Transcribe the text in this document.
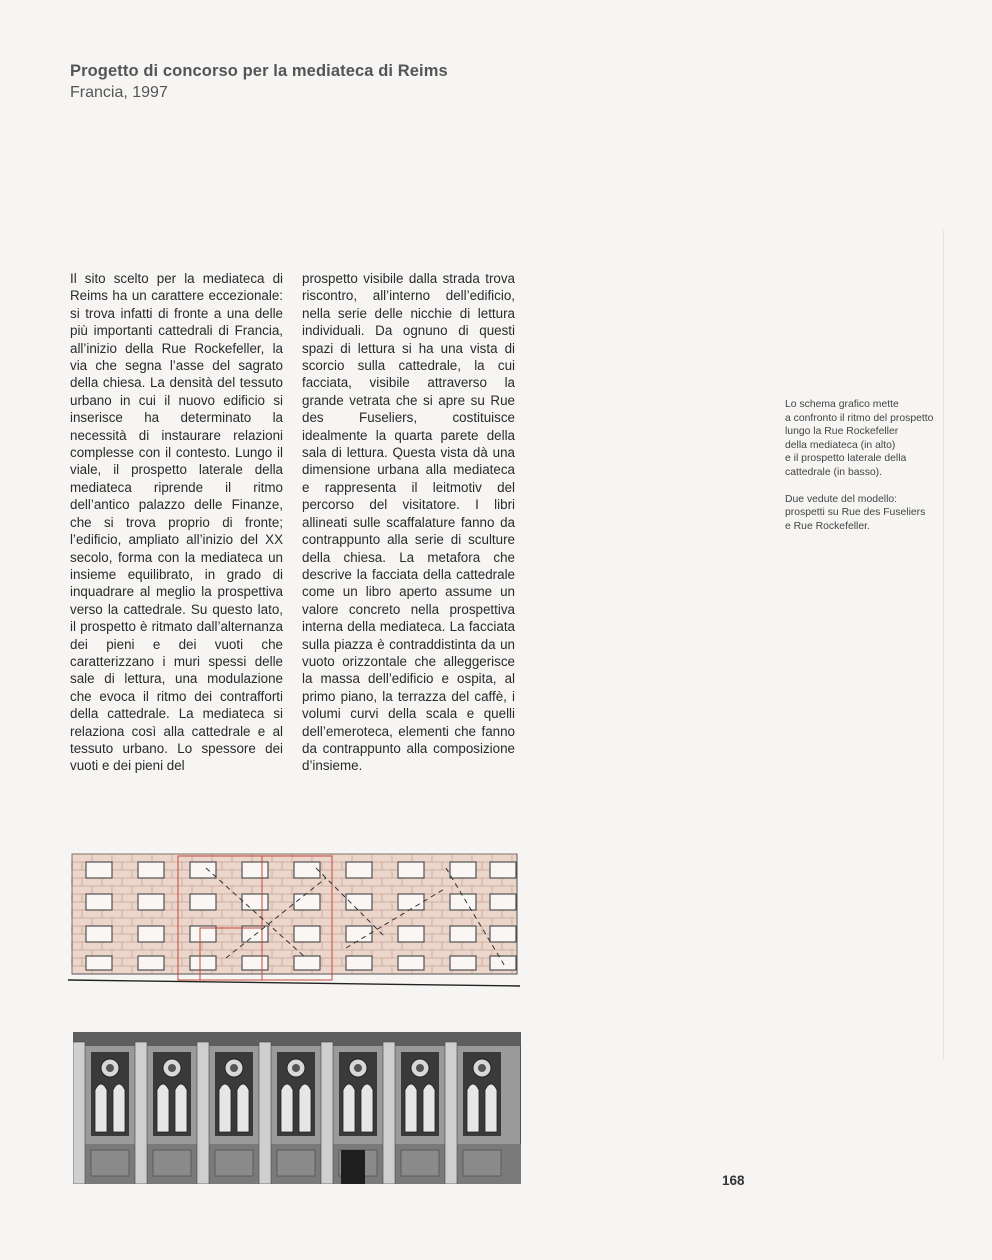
Progetto di concorso per la mediateca di Reims
Francia, 1997
Il sito scelto per la mediateca di Reims ha un carattere eccezionale: si trova infatti di fronte a una delle più importanti cattedrali di Francia, all’inizio della Rue Rockefeller, la via che segna l’asse del sagrato della chiesa. La densità del tessuto urbano in cui il nuovo edificio si inserisce ha determinato la necessità di instaurare relazioni complesse con il contesto. Lungo il viale, il prospetto laterale della mediateca riprende il ritmo dell’antico palazzo delle Finanze, che si trova proprio di fronte; l’edificio, ampliato all’inizio del XX secolo, forma con la mediateca un insieme equilibrato, in grado di inquadrare al meglio la prospettiva verso la cattedrale. Su questo lato, il prospetto è ritmato dall’alternanza dei pieni e dei vuoti che caratterizzano i muri spessi delle sale di lettura, una modulazione che evoca il ritmo dei contrafforti della cattedrale. La mediateca si relaziona così alla cattedrale e al tessuto urbano. Lo spessore dei vuoti e dei pieni del
prospetto visibile dalla strada trova riscontro, all’interno dell’edificio, nella serie delle nicchie di lettura individuali. Da ognuno di questi spazi di lettura si ha una vista di scorcio sulla cattedrale, la cui facciata, visibile attraverso la grande vetrata che si apre su Rue des Fuseliers, costituisce idealmente la quarta parete della sala di lettura. Questa vista dà una dimensione urbana alla mediateca e rappresenta il leitmotiv del percorso del visitatore. I libri allineati sulle scaffalature fanno da contrappunto alla serie di sculture della chiesa. La metafora che descrive la facciata della cattedrale come un libro aperto assume un valore concreto nella prospettiva interna della mediateca. La facciata sulla piazza è contraddistinta da un vuoto orizzontale che alleggerisce la massa dell’edificio e ospita, al primo piano, la terrazza del caffè, i volumi curvi della scala e quelli dell’emeroteca, elementi che fanno da contrappunto alla composizione d’insieme.

Lo schema grafico mette
a confronto il ritmo del prospetto
lungo la Rue Rockefeller
della mediateca (in alto)
e il prospetto laterale della
cattedrale (in basso).

Due vedute del modello:
prospetti su Rue des Fuseliers
e Rue Rockefeller.

168
